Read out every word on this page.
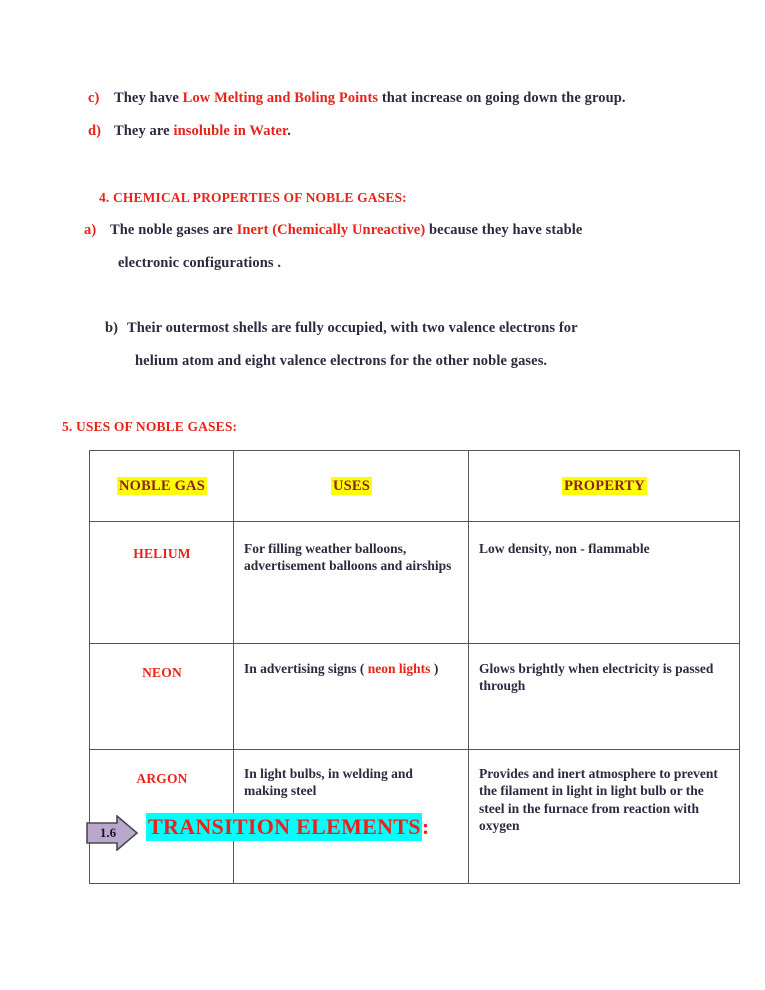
c) They have Low Melting and Boling Points that increase on going down the group.
d) They are insoluble in Water.
4. CHEMICAL PROPERTIES OF NOBLE GASES:
a) The noble gases are Inert (Chemically Unreactive) because they have stable
electronic configurations .
b) Their outermost shells are fully occupied, with two valence electrons for
helium atom and eight valence electrons for the other noble gases.
5. USES OF NOBLE GASES:
NOBLE GAS	USES	PROPERTY
HELIUM	For filling weather balloons, advertisement balloons and airships	Low density, non - flammable
NEON	In advertising signs ( neon lights )	Glows brightly when electricity is passed through
ARGON	In light bulbs, in welding and making steel	Provides and inert atmosphere to prevent the filament in light in light bulb or the steel in the furnace from reaction with oxygen
1.6 TRANSITION ELEMENTS:
